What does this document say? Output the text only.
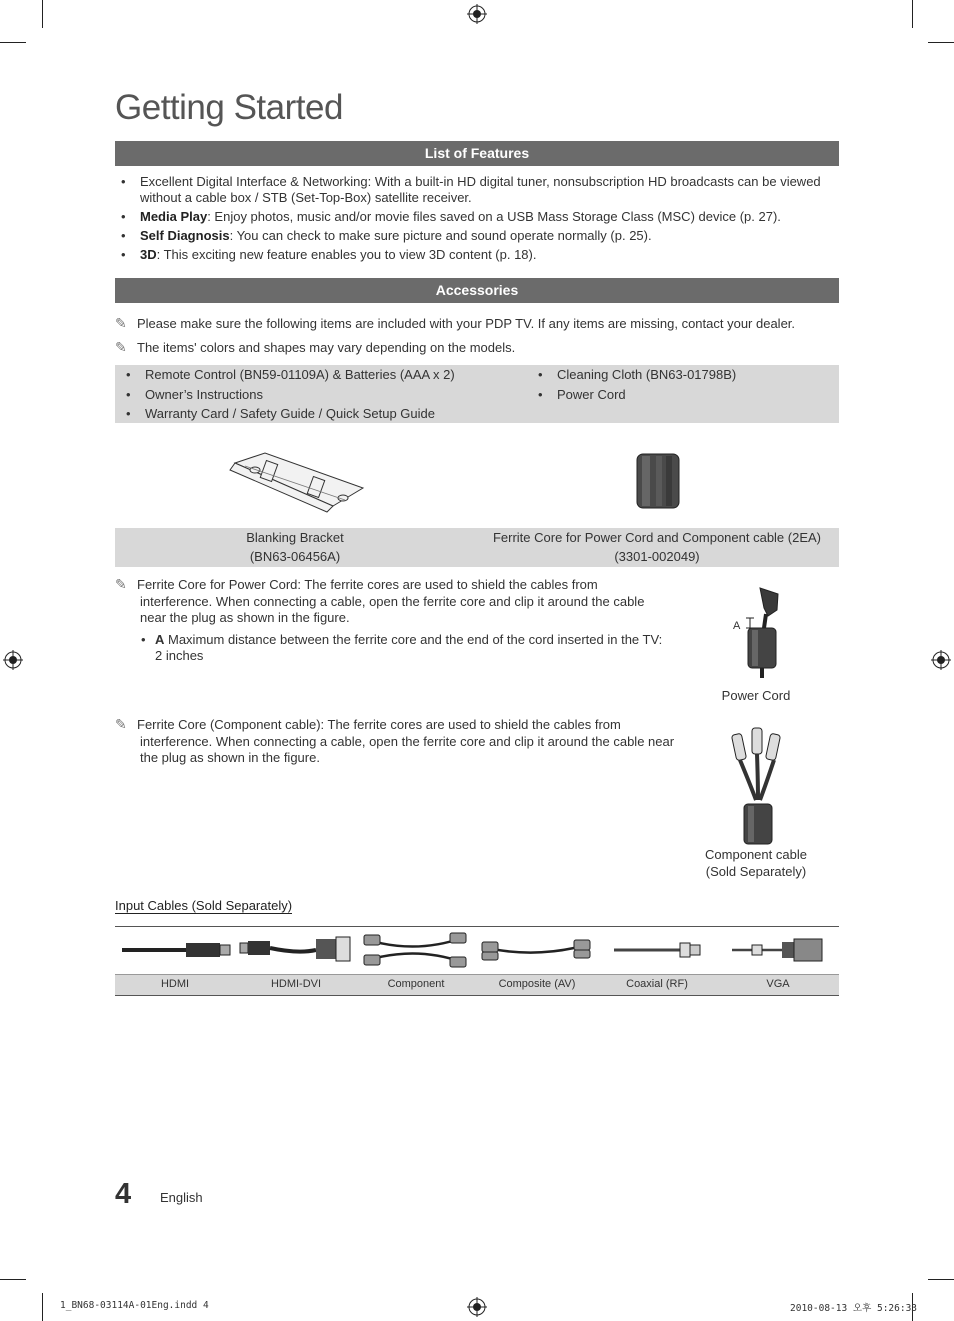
Getting Started
List of Features
• Excellent Digital Interface & Networking: With a built-in HD digital tuner, nonsubscription HD broadcasts can be viewed
without a cable box / STB (Set-Top-Box) satellite receiver.
• Media Play: Enjoy photos, music and/or movie files saved on a USB Mass Storage Class (MSC) device (p. 27).
• Self Diagnosis: You can check to make sure picture and sound operate normally (p. 25).
• 3D: This exciting new feature enables you to view 3D content (p. 18).
Accessories
✎ Please make sure the following items are included with your PDP TV. If any items are missing, contact your dealer.
✎ The items' colors and shapes may vary depending on the models.
• Remote Control (BN59-01109A) & Batteries (AAA x 2)
• Owner’s Instructions
• Warranty Card / Safety Guide / Quick Setup Guide
• Cleaning Cloth (BN63-01798B)
• Power Cord
Blanking Bracket
(BN63-06456A)
Ferrite Core for Power Cord and Component cable (2EA)
(3301-002049)
✎ Ferrite Core for Power Cord: The ferrite cores are used to shield the cables from
interference. When connecting a cable, open the ferrite core and clip it around the cable
near the plug as shown in the figure.
• A Maximum distance between the ferrite core and the end of the cord inserted in the TV:
2 inches
A
Power Cord
✎ Ferrite Core (Component cable): The ferrite cores are used to shield the cables from
interference. When connecting a cable, open the ferrite core and clip it around the cable near
the plug as shown in the figure.
Component cable
(Sold Separately)
Input Cables (Sold Separately)
HDMI	HDMI-DVI	Component	Composite (AV)	Coaxial (RF)	VGA
4 English
1_BN68-03114A-01Eng.indd 4	2010-08-13 오후 5:26:33
